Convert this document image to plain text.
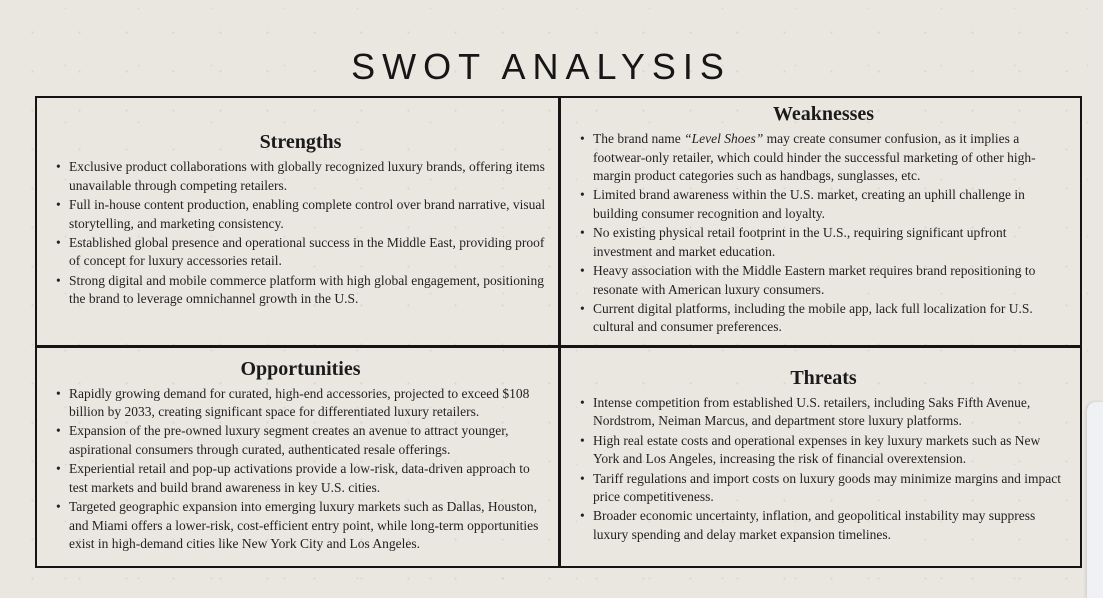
SWOT ANALYSIS
Strengths
• Exclusive product collaborations with globally recognized luxury brands, offering items unavailable through competing retailers.
• Full in-house content production, enabling complete control over brand narrative, visual storytelling, and marketing consistency.
• Established global presence and operational success in the Middle East, providing proof of concept for luxury accessories retail.
• Strong digital and mobile commerce platform with high global engagement, positioning the brand to leverage omnichannel growth in the U.S.
Weaknesses
• The brand name “Level Shoes” may create consumer confusion, as it implies a footwear-only retailer, which could hinder the successful marketing of other high-margin product categories such as handbags, sunglasses, etc.
• Limited brand awareness within the U.S. market, creating an uphill challenge in building consumer recognition and loyalty.
• No existing physical retail footprint in the U.S., requiring significant upfront investment and market education.
• Heavy association with the Middle Eastern market requires brand repositioning to resonate with American luxury consumers.
• Current digital platforms, including the mobile app, lack full localization for U.S. cultural and consumer preferences.
Opportunities
• Rapidly growing demand for curated, high-end accessories, projected to exceed $108 billion by 2033, creating significant space for differentiated luxury retailers.
• Expansion of the pre-owned luxury segment creates an avenue to attract younger, aspirational consumers through curated, authenticated resale offerings.
• Experiential retail and pop-up activations provide a low-risk, data-driven approach to test markets and build brand awareness in key U.S. cities.
• Targeted geographic expansion into emerging luxury markets such as Dallas, Houston, and Miami offers a lower-risk, cost-efficient entry point, while long-term opportunities exist in high-demand cities like New York City and Los Angeles.
Threats
• Intense competition from established U.S. retailers, including Saks Fifth Avenue, Nordstrom, Neiman Marcus, and department store luxury platforms.
• High real estate costs and operational expenses in key luxury markets such as New York and Los Angeles, increasing the risk of financial overextension.
• Tariff regulations and import costs on luxury goods may minimize margins and impact price competitiveness.
• Broader economic uncertainty, inflation, and geopolitical instability may suppress luxury spending and delay market expansion timelines.
